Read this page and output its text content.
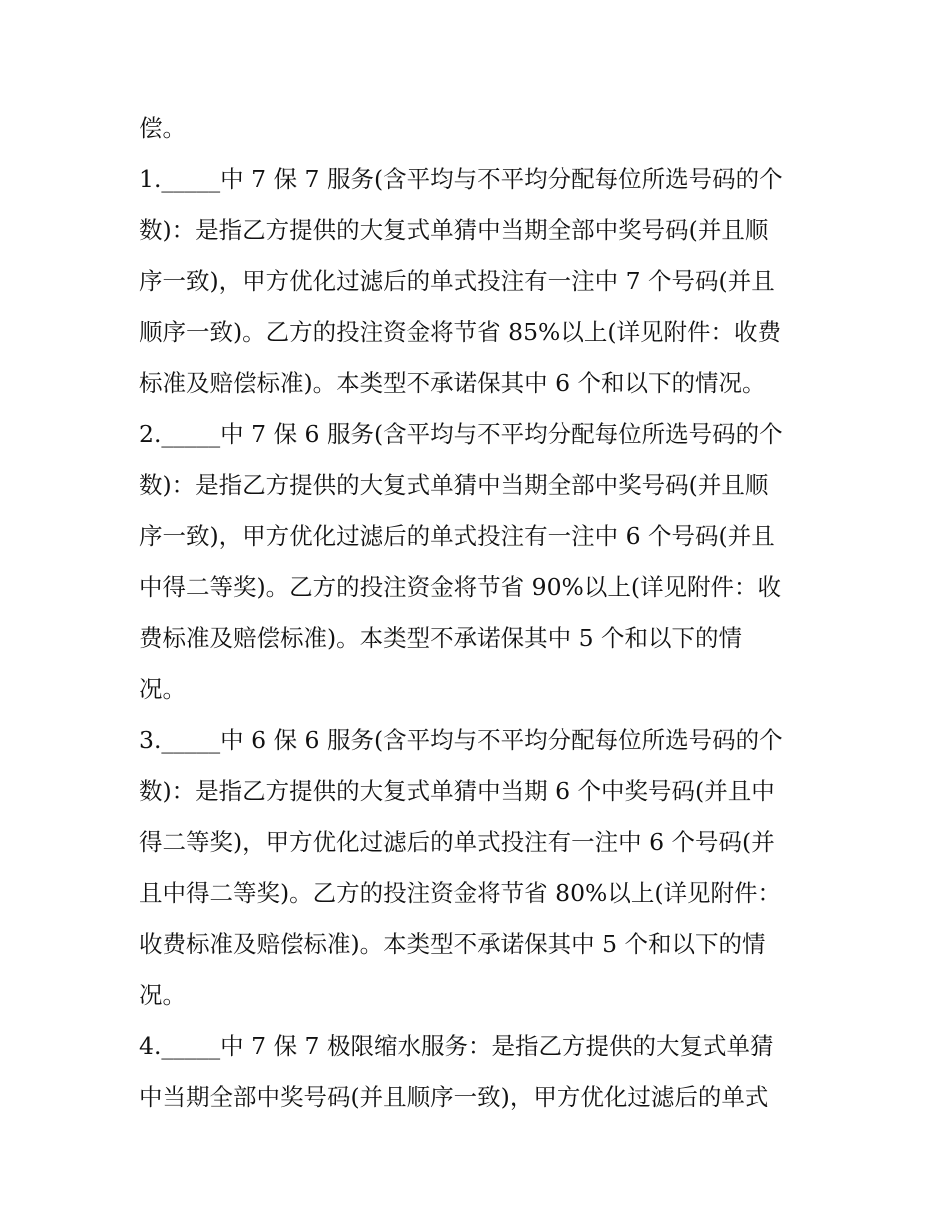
偿。
1._____中 7 保 7 服务(含平均与不平均分配每位所选号码的个
数)：是指乙方提供的大复式单猜中当期全部中奖号码(并且顺
序一致)，甲方优化过滤后的单式投注有一注中 7 个号码(并且
顺序一致)。乙方的投注资金将节省 85%以上(详见附件：收费
标准及赔偿标准)。本类型不承诺保其中 6 个和以下的情况。
2._____中 7 保 6 服务(含平均与不平均分配每位所选号码的个
数)：是指乙方提供的大复式单猜中当期全部中奖号码(并且顺
序一致)，甲方优化过滤后的单式投注有一注中 6 个号码(并且
中得二等奖)。乙方的投注资金将节省 90%以上(详见附件：收
费标准及赔偿标准)。本类型不承诺保其中 5 个和以下的情
况。
3._____中 6 保 6 服务(含平均与不平均分配每位所选号码的个
数)：是指乙方提供的大复式单猜中当期 6 个中奖号码(并且中
得二等奖)，甲方优化过滤后的单式投注有一注中 6 个号码(并
且中得二等奖)。乙方的投注资金将节省 80%以上(详见附件：
收费标准及赔偿标准)。本类型不承诺保其中 5 个和以下的情
况。
4._____中 7 保 7 极限缩水服务：是指乙方提供的大复式单猜
中当期全部中奖号码(并且顺序一致)，甲方优化过滤后的单式
